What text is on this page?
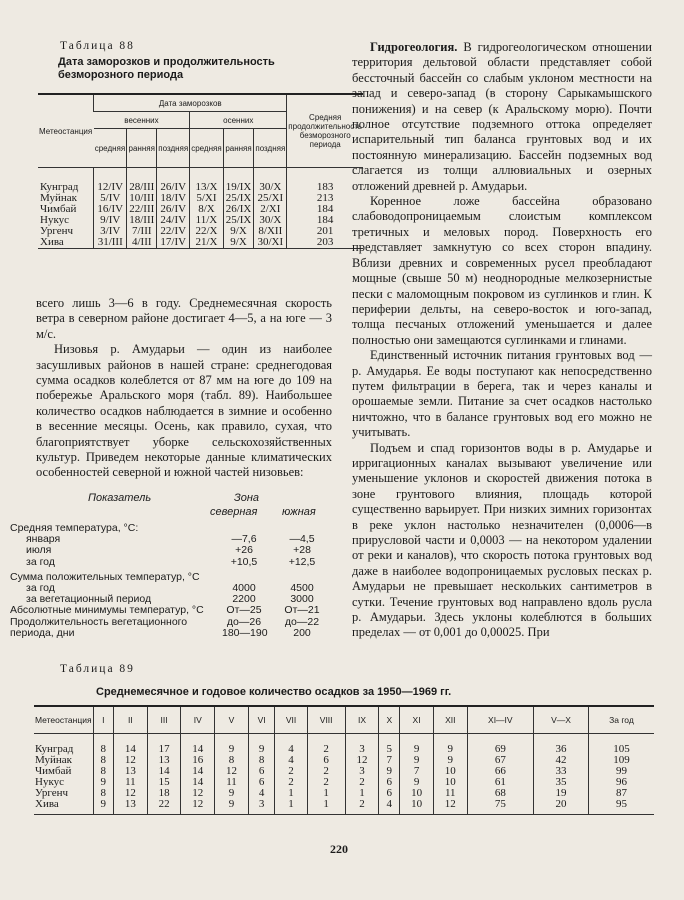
Таблица 88
Дата заморозков и продолжительность безморозного периода
Метеостанция	Дата заморозков						Средняя продолжительность безморозного периода
	весенних			осенних			
	средняя	ранняя	поздняя	средняя	ранняя	поздняя	
Кунград	12/IV	28/III	26/IV	13/X	19/IX	30/X	183
Муйнак	5/IV	10/III	18/IV	5/XI	25/IX	25/XI	213
Чимбай	16/IV	22/III	26/IV	8/X	26/IX	2/XI	184
Нукус	9/IV	18/III	24/IV	11/X	25/IX	30/X	184
Ургенч	3/IV	7/III	22/IV	22/X	9/X	8/XII	201
Хива	31/III	4/III	17/IV	21/X	9/X	30/XI	203

всего лишь 3—6 в году. Среднемесячная скорость ветра в северном районе достигает 4—5, а на юге — 3 м/с.

Низовья р. Амударьи — один из наиболее засушливых районов в нашей стране: среднегодовая сумма осадков колеблется от 87 мм на юге до 109 на побережье Аральского моря (табл. 89). Наибольшее количество осадков наблюдается в зимние и особенно в весенние месяцы. Осень, как правило, сухая, что благоприятствует уборке сельскохозяйственных культур. Приведем некоторые данные климатических особенностей северной и южной частей низовьев:

Показатель	Зона
северная южная
Средняя температура, °С:
января	—7,6	—4,5
июля	+26	+28
за год	+10,5	+12,5
Сумма положительных температур, °С
за год	4000	4500
за вегетационный период	2200	3000
Абсолютные минимумы температур, °С	От—25	От—21
Продолжительность вегетационного	до—26	до—22
периода, дни	180—190	200

Гидрогеология. В гидрогеологическом отношении территория дельтовой области представляет собой бессточный бассейн со слабым уклоном местности на запад и северо-запад (в сторону Сарыкамышского понижения) и на север (к Аральскому морю). Почти полное отсутствие подземного оттока определяет испарительный тип баланса грунтовых вод и их постоянную минерализацию. Бассейн подземных вод слагается из толщи аллювиальных и озерных отложений древней р. Амударьи.

Коренное ложе бассейна образовано слабоводопроницаемым слоистым комплексом третичных и меловых пород. Поверхность его представляет замкнутую со всех сторон впадину. Вблизи древних и современных русел преобладают мощные (свыше 50 м) неоднородные мелкозернистые пески с маломощным покровом из суглинков и глин. К периферии дельты, на северо-восток и юго-запад, толща песчаных отложений уменьшается и далее полностью они замещаются суглинками и глинами.

Единственный источник питания грунтовых вод — р. Амударья. Ее воды поступают как непосредственно путем фильтрации в берега, так и через каналы и орошаемые земли. Питание за счет осадков настолько ничтожно, что в балансе грунтовых вод его можно не учитывать.

Подъем и спад горизонтов воды в р. Амударье и ирригационных каналах вызывают увеличение или уменьшение уклонов и скоростей движения потока в зоне грунтового влияния, площадь которой существенно варьирует. При низких зимних горизонтах в реке уклон настолько незначителен (0,0006—в прирусловой части и 0,0003 — на некотором удалении от реки и каналов), что скорость потока грунтовых вод даже в наиболее водопроницаемых русловых песках р. Амударьи не превышает нескольких сантиметров в сутки. Течение грунтовых вод направлено вдоль русла р. Амударьи. Здесь уклоны колеблются в больших пределах — от 0,001 до 0,00025. При

Таблица 89
Среднемесячное и годовое количество осадков за 1950—1969 гг.
Метеостанция	I	II	III	IV	V	VI	VII	VIII	IX	X	XI	XII	XI—IV	V—X	За год
Кунград	8	14	17	14	9	9	4	2	3	5	9	9	69	36	105
Муйнак	8	12	13	16	8	8	4	6	12	7	9	9	67	42	109
Чимбай	8	13	14	14	12	6	2	2	3	9	7	10	66	33	99
Нукус	9	11	15	14	11	6	2	2	2	6	9	10	61	35	96
Ургенч	8	12	18	12	9	4	1	1	1	6	10	11	68	19	87
Хива	9	13	22	12	9	3	1	1	2	4	10	12	75	20	95
220
